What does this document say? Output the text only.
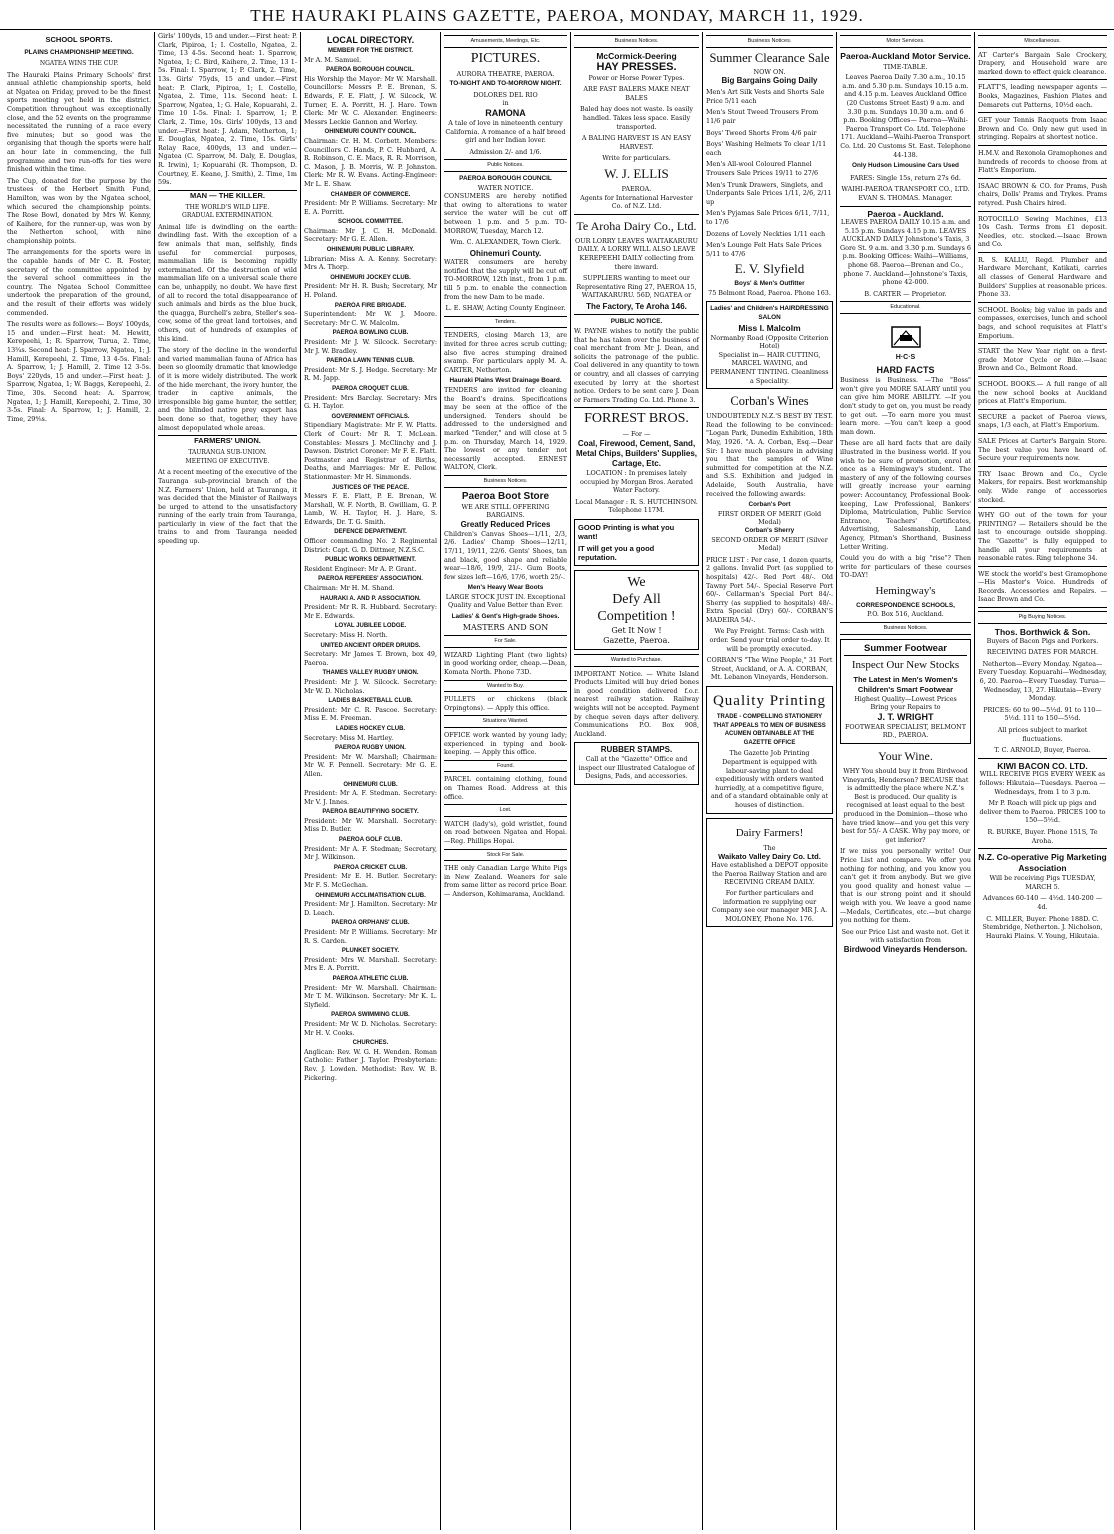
THE HAURAKI PLAINS GAZETTE, PAEROA, MONDAY, MARCH 11, 1929.
SCHOOL SPORTS.
PLAINS CHAMPIONSHIP MEETING.
NGATEA WINS THE CUP.
The Hauraki Plains Primary Schools' first annual athletic championship sports, held at Ngatea on Friday, proved to be the finest sports meeting yet held in the district. Competition throughout was exceptionally close, and the 52 events on the programme necessitated the running of a race every five minutes; but so good was the organising that though the sports were half an hour late in commencing, the full programme and two run-offs for ties were finished within the time.
The Cup, donated for the purpose by the trustees of the Herbert Smith Fund, Hamilton, was won by the Ngatea school, which secured the championship points. The Rose Bowl, donated by Mrs W. Kenny, of Kaihere, for the runner-up, was won by the Netherton school, with nine championship points.
The arrangements for the sports were in the capable hands of Mr C. R. Foster, secretary of the committee appointed by the several school committees in the country. The Ngatea School Committee undertook the preparation of the ground, and the result of their efforts was widely commended.
The results were as follows:— Boys' 100yds, 15 and under.—First heat: M. Hewitt, Kerepeehi, 1; R. Sparrow, Turua, 2. Time, 13¾s. Second heat: J. Sparrow, Ngatea, 1; J. Hamill, Kerepeehi, 2. Time, 13 4-5s. Final: A. Sparrow, 1; J. Hamill, 2. Time 12 3-5s. Boys' 220yds, 15 and under.—First heat: J. Sparrow, Ngatea, 1; W. Baggs, Kerepeehi, 2. Time, 30s. Second heat: A. Sparrow, Ngatea, 1; J. Hamill, Kerepeehi, 2. Time, 30 3-5s. Final: A. Sparrow, 1; J. Hamill, 2. Time, 29⅘s.
Girls' 100yds, 15 and under.—First heat: P. Clark, Pipiroa, 1; I. Costello, Ngatea, 2. Time, 13 4-5s. Second heat: 1. Sparrow, Ngatea, 1; C. Bird, Kaihere, 2. Time, 13 1-5s. Final: I. Sparrow, 1; P. Clark, 2. Time, 13s. Girls' 75yds, 15 and under.—First heat: P. Clark, Pipiroa, 1; I. Costello, Ngatea, 2. Time, 11s. Second heat: I. Sparrow, Ngatea, 1; G. Hale, Kopuarahi, 2. Time 10 1-5s. Final: I. Sparrow, 1; P. Clark, 2. Time, 10s. Girls' 100yds, 13 and under.—First heat: J. Adam, Netherton, 1; E. Douglas, Ngatea, 2. Time, 15s. Girls' Relay Race, 400yds, 13 and under.—Ngatea (C. Sparrow, M. Daly, E. Douglas, R. Irwin), 1; Kopuarahi (R. Thompson, D. Courtney, E. Keane, J. Smith), 2. Time, 1m 59s.
MAN — THE KILLER.
THE WORLD'S WILD LIFE.
GRADUAL EXTERMINATION.
Animal life is dwindling on the earth: dwindling fast. With the exception of a few animals that man, selfishly, finds useful for commercial purposes, mammalian life is becoming rapidly exterminated. Of the destruction of wild mammalian life on a universal scale there can be, unhappily, no doubt. We have first of all to record the total disappearance of such animals and birds as the blue buck, the quagga, Burchell's zebra, Steller's sea-cow, some of the great land tortoises, and others, out of hundreds of examples of this kind.
The story of the decline in the wonderful and varied mammalian fauna of Africa has been so gloomily dramatic that knowledge of it is more widely distributed. The work of the hide merchant, the ivory hunter, the trader in captive animals, the irresponsible big game hunter, the settler, and the blinded native prey expert has been done so that, together, they have almost depopulated whole areas.
FARMERS' UNION.
TAURANGA SUB-UNION.
MEETING OF EXECUTIVE.
At a recent meeting of the executive of the Tauranga sub-provincial branch of the N.Z. Farmers' Union, held at Tauranga, it was decided that the Minister of Railways be urged to attend to the unsatisfactory running of the early train from Tauranga, particularly in view of the fact that the trains to and from Tauranga needed speeding up.
LOCAL DIRECTORY.
MEMBER FOR THE DISTRICT.
Mr A. M. Samuel.
PAEROA BOROUGH COUNCIL.
His Worship the Mayor: Mr W. Marshall. Councillors: Messrs P. E. Brenan, S. Edwards, F. E. Flatt, J. W. Silcock, W. Turner, E. A. Porritt, H. J. Hare. Town Clerk: Mr W. C. Alexander. Engineers: Messrs Leckie Gannon and Werley.
OHINEMURI COUNTY COUNCIL.
Chairman: Cr. H. M. Corbett. Members: Councillors C. Hands, P. C. Hubbard, A. R. Robinson, C. E. Macs, R. R. Morrison, C. Mason, J. B. Morris, W. P. Johnston. Clerk: Mr R. W. Evans. Acting-Engineer: Mr L. E. Shaw.
CHAMBER OF COMMERCE.
President: Mr P. Williams. Secretary: Mr E. A. Porritt.
SCHOOL COMMITTEE.
Chairman: Mr J. C. H. McDonald. Secretary: Mr G. E. Allen.
OHINEMURI PUBLIC LIBRARY.
Librarian: Miss A. A. Kenny. Secretary: Mrs A. Thorp.
OHINEMURI JOCKEY CLUB.
President: Mr H. R. Bush; Secretary, Mr H. Poland.
PAEROA FIRE BRIGADE.
Superintendent: Mr W. J. Moore. Secretary: Mr C. W. Malcolm.
PAEROA BOWLING CLUB.
President: Mr J. W. Silcock. Secretary: Mr J. W. Bradley.
PAEROA LAWN TENNIS CLUB.
President: Mr S. J. Hedge. Secretary: Mr R. M. Japp.
PAEROA CROQUET CLUB.
President: Mrs Barclay. Secretary: Mrs G. H. Taylor.
GOVERNMENT OFFICIALS.
Stipendiary Magistrate: Mr F. W. Platts. Clerk of Court: Mr R. T. McLean. Constables: Messrs J. McClinchy and J. Dawson. District Coroner: Mr F. E. Flatt. Postmaster and Registrar of Births, Deaths, and Marriages: Mr E. Pellow. Stationmaster: Mr H. Simmonds.
JUSTICES OF THE PEACE.
Messrs F. E. Flatt, P. E. Brenan, W. Marshall, W. F. North, B. Gwilliam, G. P. Lamb, W. H. Taylor, H. J. Hare, S. Edwards, Dr. T. G. Smith.
DEFENCE DEPARTMENT.
Officer commanding No. 2 Regimental District: Capt. G. D. Dittmer, N.Z.S.C.
PUBLIC WORKS DEPARTMENT.
Resident Engineer: Mr A. P. Grant.
PAEROA REFEREES' ASSOCIATION.
Chairman: Mr H. M. Shand.
HAURAKI A. AND P. ASSOCIATION.
President: Mr R. R. Hubbard. Secretary: Mr E. Edwards.
LOYAL JUBILEE LODGE.
Secretary: Miss H. North.
UNITED ANCIENT ORDER DRUIDS.
Secretary: Mr James T. Brown, box 49, Paeroa.
THAMES VALLEY RUGBY UNION.
President: Mr J. W. Silcock. Secretary: Mr W. D. Nicholas.
LADIES BASKETBALL CLUB.
President: Mr C. R. Pascoe. Secretary: Miss E. M. Freeman.
LADIES HOCKEY CLUB.
Secretary: Miss M. Hartley.
PAEROA RUGBY UNION.
President: Mr W. Marshall; Chairman: Mr W. F. Pennell. Secretary: Mr G. E. Allen.
OHINEMURI CLUB.
President: Mr A. F. Stedman. Secretary: Mr V. J. Innes.
PAEROA BEAUTIFYING SOCIETY.
President: Mr W. Marshall. Secretary: Miss D. Butler.
PAEROA GOLF CLUB.
President: Mr A. F. Stedman; Secretary, Mr J. Wilkinson.
PAEROA CRICKET CLUB.
President: Mr E. H. Butler. Secretary: Mr F. S. McGechan.
OHINEMURI ACCLIMATISATION CLUB.
President: Mr J. Hamilton. Secretary: Mr D. Leach.
PAEROA ORPHANS' CLUB.
President: Mr P. Williams. Secretary: Mr R. S. Carden.
PLUNKET SOCIETY.
President: Mrs W. Marshall. Secretary: Mrs E. A. Porritt.
PAEROA ATHLETIC CLUB.
President: Mr W. Marshall. Chairman: Mr T. M. Wilkinson. Secretary: Mr K. L. Slyfield.
PAEROA SWIMMING CLUB.
President: Mr W. D. Nicholas. Secretary: Mr H. V. Cooks.
CHURCHES.
Anglican: Rev. W. G. H. Wenden. Roman Catholic: Father J. Taylor. Presbyterian: Rev. J. Lowden. Methodist: Rev. W. B. Pickering.
Amusements, Meetings, Etc.
PICTURES.
AURORA THEATRE, PAEROA.
TO-NIGHT AND TO-MORROW NIGHT.
DOLORES DEL RIO
in
RAMONA
A tale of love in nineteenth century California. A romance of a half breed girl and her Indian lover.
Admission 2/- and 1/6.
Public Notices.
PAEROA BOROUGH COUNCIL
WATER NOTICE.
CONSUMERS are hereby notified that owing to alterations to water service the water will be cut off between 1 p.m. and 5 p.m. TO-MORROW, Tuesday, March 12.
Wm. C. ALEXANDER, Town Clerk.
Ohinemuri County.
WATER consumers are hereby notified that the supply will be cut off TO-MORROW, 12th inst., from 1 p.m. till 5 p.m. to enable the connection from the new Dam to be made.
L. E. SHAW, Acting County Engineer.
Tenders.
TENDERS, closing March 13, are invited for three acres scrub cutting; also five acres stumping drained swamp. For particulars apply M. A. CARTER, Netherton.
Hauraki Plains West Drainage Board.
TENDERS are invited for cleaning the Board's drains. Specifications may be seen at the office of the undersigned. Tenders should be addressed to the undersigned and marked "Tender," and will close at 5 p.m. on Thursday, March 14, 1929. The lowest or any tender not necessarily accepted. ERNEST WALTON, Clerk.
Business Notices.
Paeroa Boot Store
WE ARE STILL OFFERING BARGAINS.
Greatly Reduced Prices
Children's Canvas Shoes—1/11, 2/3, 2/6. Ladies' Champ Shoes—12/11, 17/11, 19/11, 22/6. Gents' Shoes, tan and black, good shape and reliable wear—18/6, 19/9, 21/-. Gum Boots, few sizes left—16/6, 17/6, worth 25/-.
Men's Heavy Wear Boots
LARGE STOCK JUST IN. Exceptional Quality and Value Better than Ever.
Ladies' & Gent's High-grade Shoes.
MASTERS AND SON
For Sale.
WIZARD Lighting Plant (two lights) in good working order, cheap.—Dean, Komata North. Phone 73D.
Wanted to Buy.
PULLETS or chickens (black Orpingtons). — Apply this office.
Situations Wanted.
OFFICE work wanted by young lady; experienced in typing and book-keeping. — Apply this office.
Found.
PARCEL containing clothing, found on Thames Road. Address at this office.
Lost.
WATCH (lady's), gold wristlet, found on road between Ngatea and Hopai.—Reg. Phillips Hopai.
Stock For Sale.
THE only Canadian Large White Pigs in New Zealand. Weaners for sale from same litter as record price Boar. — Anderson, Kohimarama, Auckland.
Business Notices.
McCormick-Deering
HAY PRESSES.
Power or Horse Power Types.
ARE FAST BALERS MAKE NEAT BALES
Baled hay does not waste. Is easily handled. Takes less space. Easily transported.
A BALING HARVEST IS AN EASY HARVEST.
Write for particulars.
W. J. ELLIS
PAEROA.
Agents for International Harvester Co. of N.Z. Ltd.
Te Aroha Dairy Co., Ltd.
OUR LORRY LEAVES WAITAKARURU DAILY. A LORRY WILL ALSO LEAVE KEREPEEHI DAILY collecting from there inward.
SUPPLIERS wanting to meet our Representative Ring 27, PAEROA 15, WAITAKARURU. 56D, NGATEA or
The Factory, Te Aroha 146.
PUBLIC NOTICE.
W. PAYNE wishes to notify the public that he has taken over the business of coal merchant from Mr J. Dean, and solicits the patronage of the public. Coal delivered in any quantity to town or country, and all classes of carrying executed by lorry at the shortest notice. Orders to be sent care J. Dean or Farmers Trading Co. Ltd. Phone 3.
FORREST BROS.
— For —
Coal, Firewood, Cement, Sand, Metal Chips, Builders' Supplies, Cartage, Etc.
LOCATION : In premises lately occupied by Morgan Bros. Aerated Water Factory.
Local Manager : R. S. HUTCHINSON. Telephone 117M.
GOOD Printing is what you want!
IT will get you a good reputation.
We
Defy All
Competition !
Get It Now !
Gazette, Paeroa.
Wanted to Purchase.
IMPORTANT Notice. — White Island Products Limited will buy dried bones in good condition delivered f.o.r. nearest railway station. Railway weights will not be accepted. Payment by cheque seven days after delivery. Communications P.O. Box 908, Auckland.
RUBBER STAMPS.
Call at the "Gazette" Office and inspect our Illustrated Catalogue of Designs, Pads, and accessories.
Business Notices.
Summer Clearance Sale
NOW ON.
Big Bargains Going Daily
Men's Art Silk Vests and Shorts Sale Price 5/11 each
Men's Stout Tweed Trousers From 11/6 pair
Boys' Tweed Shorts From 4/6 pair
Boys' Washing Helmets To clear 1/11 each
Men's All-wool Coloured Flannel Trousers Sale Prices 19/11 to 27/6
Men's Trunk Drawers, Singlets, and Underpants Sale Prices 1/11, 2/6, 2/11 up
Men's Pyjamas Sale Prices 6/11, 7/11, to 17/6
Dozens of Lovely Neckties 1/11 each
Men's Lounge Felt Hats Sale Prices 5/11 to 47/6
E. V. Slyfield
Boys' & Men's Outfitter
75 Belmont Road, Paeroa. Phone 163.
Ladies' and Children's HAIRDRESSING SALON
Miss I. Malcolm
Normanby Road (Opposite Criterion Hotel)
Specialist in— HAIR CUTTING, MARCEL WAVING, and PERMANENT TINTING. Cleanliness a Speciality.
Corban's Wines
UNDOUBTEDLY N.Z.'S BEST BY TEST.
Read the following to be convinced: "Logan Park, Dunedin Exhibition, 18th May, 1926. "A. A. Corban, Esq.—Dear Sir: I have much pleasure in advising you that the samples of Wine submitted for competition at the N.Z. and S.S. Exhibition and judged in Adelaide, South Australia, have received the following awards:
Corban's Port
FIRST ORDER OF MERIT (Gold Medal)
Corban's Sherry
SECOND ORDER OF MERIT (Silver Medal)
PRICE LIST : Per case, 1 dozen quarts, 2 gallons. Invalid Port (as supplied to hospitals) 42/-. Red Port 48/-. Old Tawny Port 54/-. Special Reserve Port 60/-. Cellarman's Special Port 84/-. Sherry (as supplied to hospitals) 48/-. Extra Special (Dry) 60/-. CORBAN'S MADEIRA 54/-.
We Pay Freight. Terms: Cash with order. Send your trial order to-day. It will be promptly executed.
CORBAN'S "The Wine People," 31 Fort Street, Auckland, or A. A. CORBAN, Mt. Lebanon Vineyards, Henderson.
Quality Printing
TRADE - COMPELLING STATIONERY THAT APPEALS TO MEN OF BUSINESS ACUMEN OBTAINABLE AT THE GAZETTE OFFICE
The Gazette Job Printing Department is equipped with labour-saving plant to deal expeditiously with orders wanted hurriedly, at a competitive figure, and of a standard obtainable only at houses of distinction.
Dairy Farmers!
The
Waikato Valley Dairy Co. Ltd.
Have established a DEPOT opposite the Paeroa Railway Station and are RECEIVING CREAM DAILY.
For further particulars and information re supplying our Company see our manager MR J. A. MOLONEY, Phone No. 176.
Motor Services.
Paeroa-Auckland Motor Service.
TIME-TABLE.
Leaves Paeroa Daily 7.30 a.m., 10.15 a.m. and 5.30 p.m. Sundays 10.15 a.m. and 4.15 p.m. Leaves Auckland Office (20 Customs Street East) 9 a.m. and 3.30 p.m. Sundays 10.30 a.m. and 6 p.m. Booking Offices— Paeroa—Waihi-Paeroa Transport Co. Ltd. Telephone 171. Auckland—Waihi-Paeroa Transport Co. Ltd. 20 Customs St. East. Telephone 44-138.
Only Hudson Limousine Cars Used
FARES: Single 15s, return 27s 6d.
WAIHI-PAEROA TRANSPORT CO., LTD.
EVAN S. THOMAS. Manager.
Paeroa - Auckland.
LEAVES PAEROA DAILY 10.15 a.m. and 5.15 p.m. Sundays 4.15 p.m. LEAVES AUCKLAND DAILY Johnstone's Taxis, 3 Gore St. 9 a.m. and 3.30 p.m. Sundays 6 p.m. Booking Offices: Waihi—Williams, phone 68. Paeroa—Brenan and Co., phone 7. Auckland—Johnstone's Taxis, phone 42-000.
B. CARTER — Proprietor.
Educational.
H·C·S
HARD FACTS
Business is Business. —The "Boss" won't give you MORE SALARY until you can give him MORE ABILITY. —If you don't study to get on, you must be ready to get out. —To earn more you must learn more. —You can't keep a good man down.
These are all hard facts that are daily illustrated in the business world. If you wish to be sure of promotion, enrol at once as a Hemingway's student. The mastery of any of the following courses will greatly increase your earning power: Accountancy, Professional Book-keeping, Law Professional, Bankers' Diploma, Matriculation, Public Service Entrance, Teachers' Certificates, Advertising, Salesmanship, Land Agency, Pitman's Shorthand, Business Letter Writing.
Could you do with a big "rise"? Then write for particulars of these courses TO-DAY!
Hemingway's
CORRESPONDENCE SCHOOLS,
P.O. Box 516, Auckland.
Business Notices.
Summer Footwear
Inspect Our New Stocks
The Latest in Men's Women's Children's Smart Footwear
Highest Quality—Lowest Prices
Bring your Repairs to
J. T. WRIGHT
FOOTWEAR SPECIALIST, BELMONT RD., PAEROA.
Your Wine.
WHY You should buy it from Birdwood Vineyards, Henderson? BECAUSE that is admittedly the place where N.Z.'s Best is produced. Our quality is recognised at least equal to the best produced in the Dominion—those who have tried know—and you get this very best for 55/- A CASK. Why pay more, or get inferior?
If we miss you personally write! Our Price List and compare. We offer you nothing for nothing, and you know you can't get it from anybody. But we give you good quality and honest value — that is our strong point and it should weigh with you. We leave a good name—Medals, Certificates, etc.—but charge you nothing for them.
See our Price List and waste not. Get it with satisfaction from
Birdwood Vineyards Henderson.
Miscellaneous.
AT Carter's Bargain Sale Crockery, Drapery, and Household ware are marked down to effect quick clearance.
FLATT'S, leading newspaper agents — Books, Magazines, Fashion Plates and Demarets cut Patterns, 10½d each.
GET your Tennis Racquets from Isaac Brown and Co. Only new gut used in stringing. Repairs at shortest notice.
H.M.V. and Rexonola Gramophones and hundreds of records to choose from at Flatt's Emporium.
ISAAC BROWN & CO. for Prams, Push chairs, Dolls' Prams and Trykes. Prams retyred. Push Chairs hired.
ROTOCILLO Sewing Machines, £13 10s Cash. Terms from £1 deposit. Needles, etc. stocked.—Isaac Brown and Co.
R. S. KALLU, Regd. Plumber and Hardware Merchant, Katikati, carries all classes of General Hardware and Builders' Supplies at reasonable prices. Phone 33.
SCHOOL Books; big value in pads and compasses, exercises, lunch and school bags, and school requisites at Flatt's Emporium.
START the New Year right on a first-grade Motor Cycle or Bike.—Isaac Brown and Co., Belmont Road.
SCHOOL BOOKS.— A full range of all the new school books at Auckland prices at Flatt's Emporium.
SECURE a packet of Paeroa views, snaps, 1/3 each, at Flatt's Emporium.
SALE Prices at Carter's Bargain Store. The best value you have heard of. Secure your requirements now.
TRY Isaac Brown and Co., Cycle Makers, for repairs. Best workmanship only. Wide range of accessories stocked.
WHY GO out of the town for your PRINTING? — Retailers should be the last to encourage outside shopping. The "Gazette" is fully equipped to handle all your requirements at reasonable rates. Ring telephone 34.
WE stock the world's best Gramophone—His Master's Voice. Hundreds of Records. Accessories and Repairs. — Isaac Brown and Co.
Pig Buying Notices.
Thos. Borthwick & Son.
Buyers of Bacon Pigs and Porkers.
RECEIVING DATES FOR MARCH.
Netherton—Every Monday. Ngatea—Every Tuesday. Kopuarahi—Wednesday, 6, 20. Paeroa—Every Tuesday. Turua—Wednesday, 13, 27. Hikutaia—Every Monday.
PRICES: 60 to 90—5½d. 91 to 110—5½d. 111 to 150—5½d.
All prices subject to market fluctuations.
T. C. ARNOLD, Buyer, Paeroa.
KIWI BACON CO. LTD.
WILL RECEIVE PIGS EVERY WEEK as follows: Hikutaia—Tuesdays. Paeroa — Wednesdays, from 1 to 3 p.m.
Mr P. Roach will pick up pigs and deliver them to Paeroa. PRICES 100 to 150—5½d.
R. BURKE, Buyer. Phone 151S, Te Aroha.
N.Z. Co-operative Pig Marketing Association
Will be receiving Pigs TUESDAY, MARCH 5.
Advances 60-140 — 4½d. 140-200 — 4d.
C. MILLER, Buyer. Phone 188D. C. Stembridge, Netherton. J. Nicholson, Hauraki Plains. V. Young, Hikutaia.
